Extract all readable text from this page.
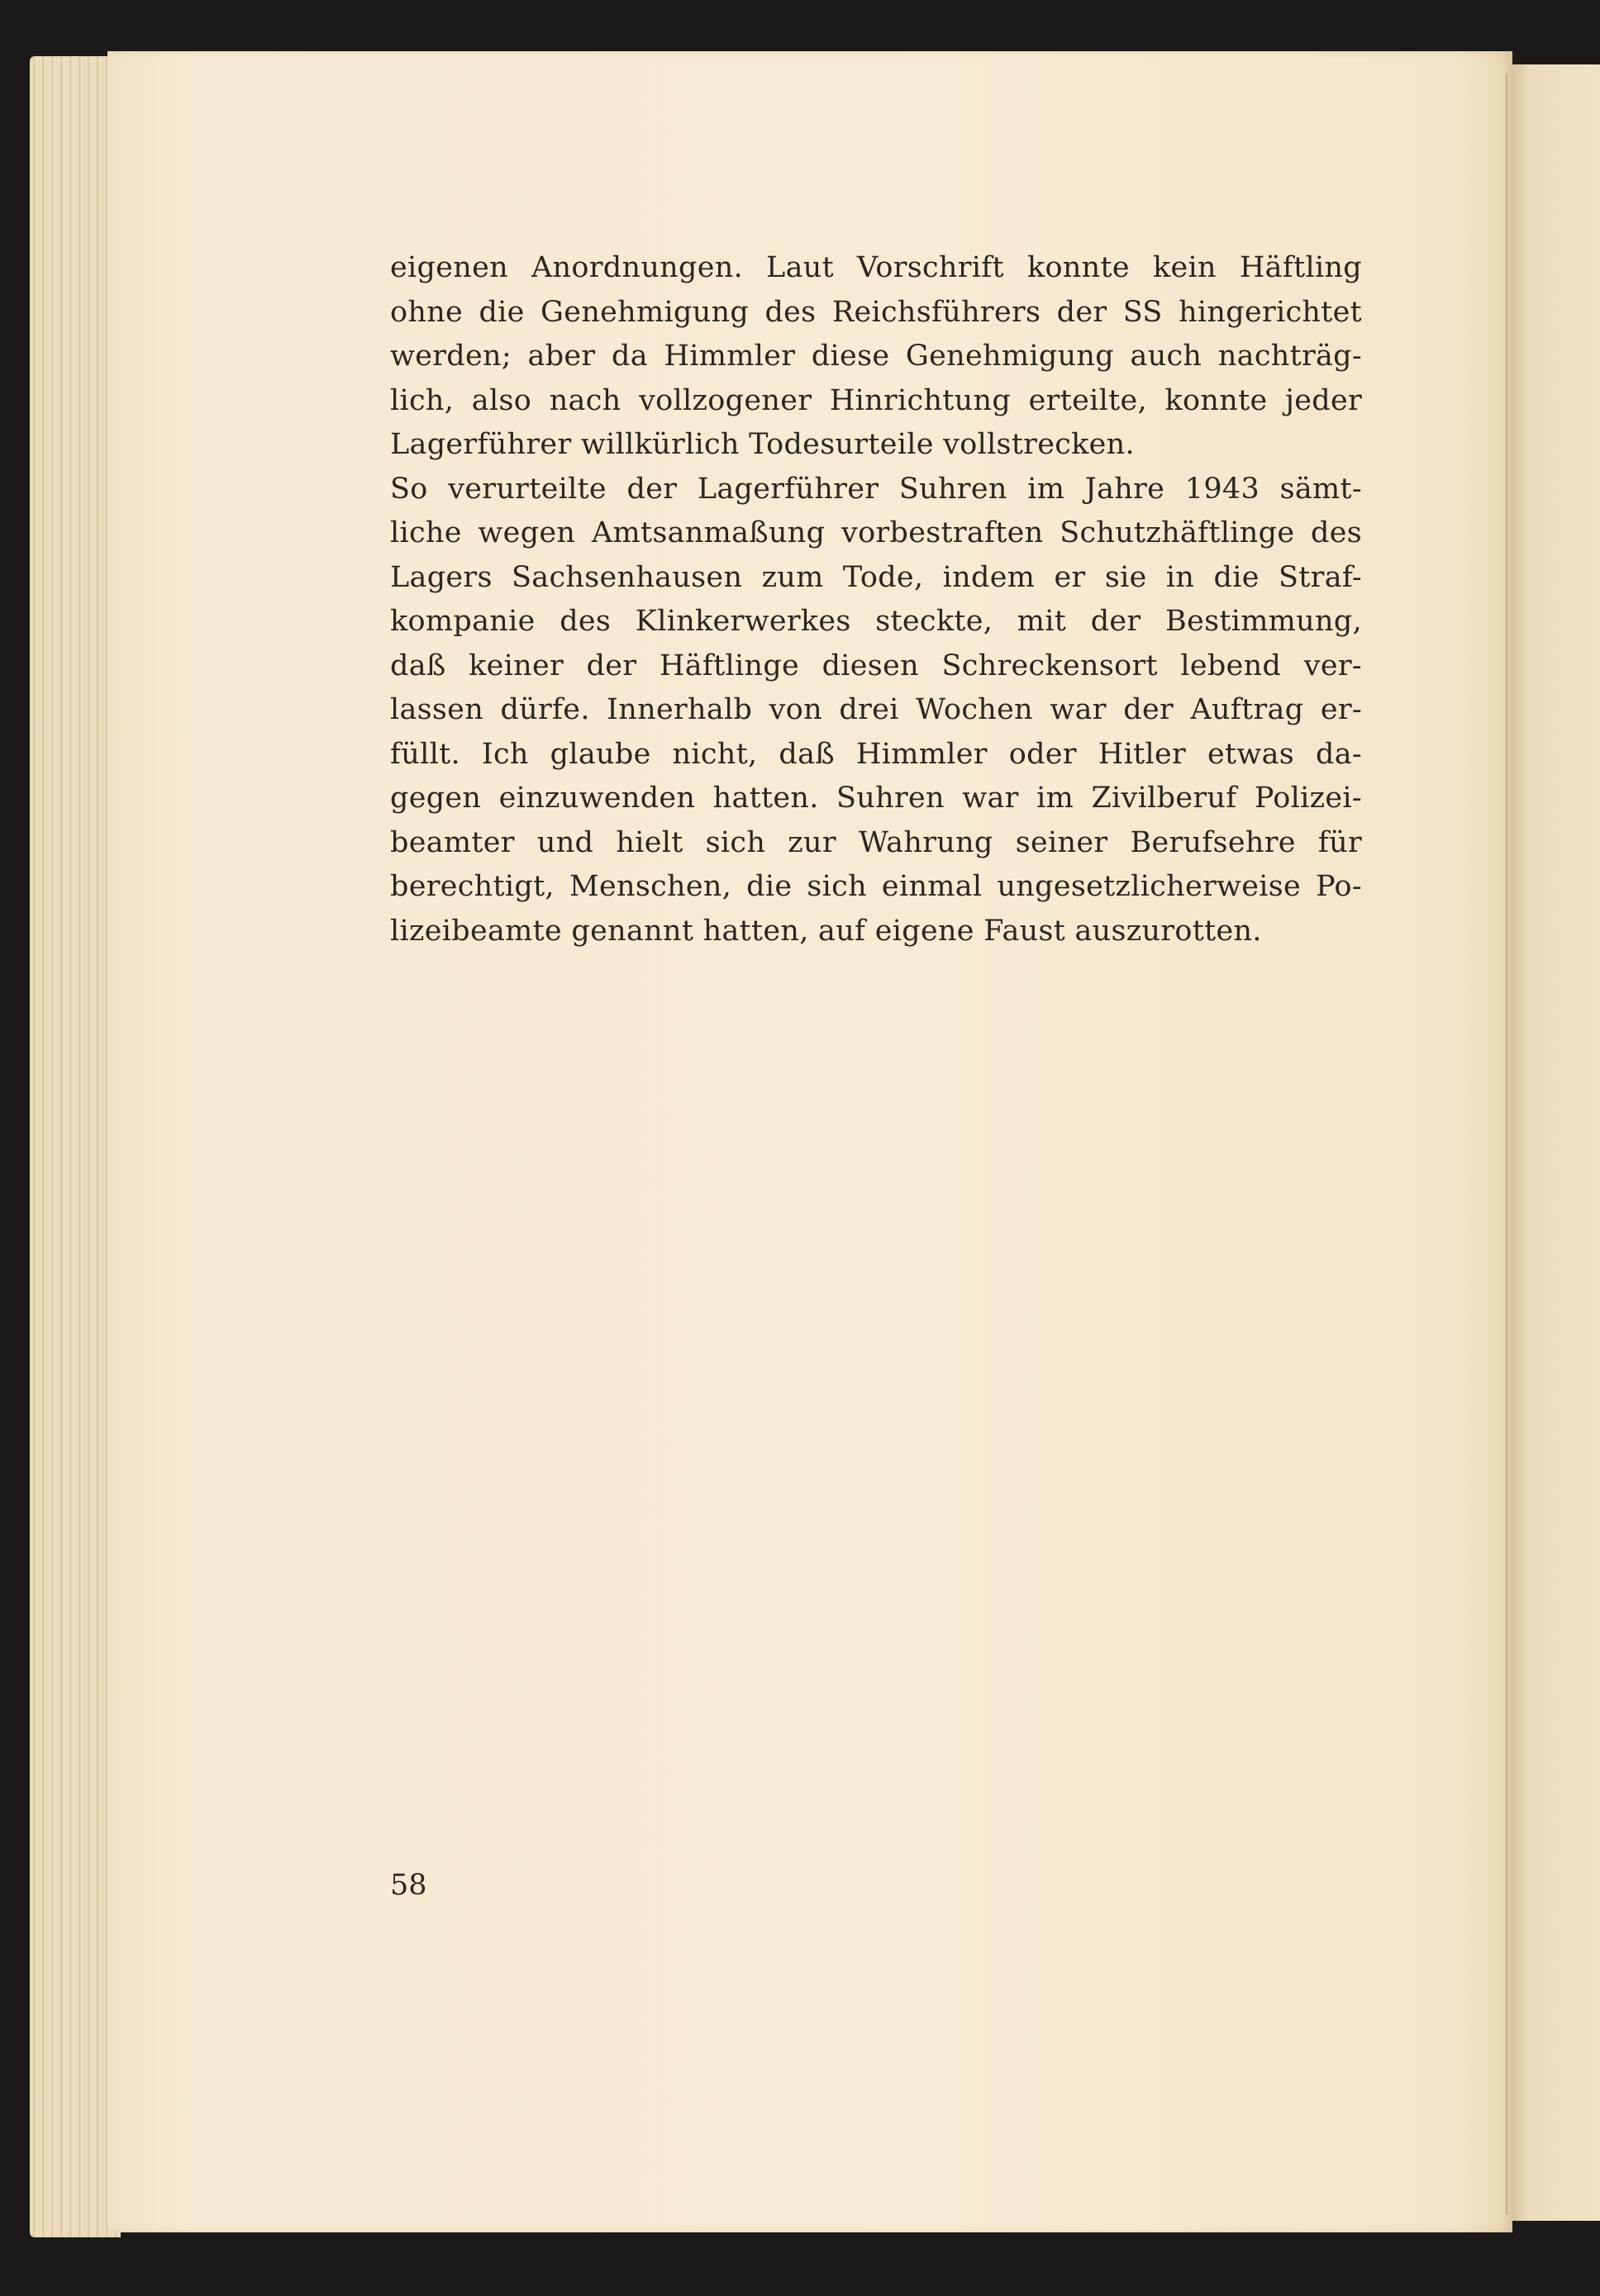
eigenen Anordnungen. Laut Vorschrift konnte kein Häftling
ohne die Genehmigung des Reichsführers der SS hingerichtet
werden; aber da Himmler diese Genehmigung auch nachträg-
lich, also nach vollzogener Hinrichtung erteilte, konnte jeder
Lagerführer willkürlich Todesurteile vollstrecken.
So verurteilte der Lagerführer Suhren im Jahre 1943 sämt-
liche wegen Amtsanmaßung vorbestraften Schutzhäftlinge des
Lagers Sachsenhausen zum Tode, indem er sie in die Straf-
kompanie des Klinkerwerkes steckte, mit der Bestimmung,
daß keiner der Häftlinge diesen Schreckensort lebend ver-
lassen dürfe. Innerhalb von drei Wochen war der Auftrag er-
füllt. Ich glaube nicht, daß Himmler oder Hitler etwas da-
gegen einzuwenden hatten. Suhren war im Zivilberuf Polizei-
beamter und hielt sich zur Wahrung seiner Berufsehre für
berechtigt, Menschen, die sich einmal ungesetzlicherweise Po-
lizeibeamte genannt hatten, auf eigene Faust auszurotten.
58
